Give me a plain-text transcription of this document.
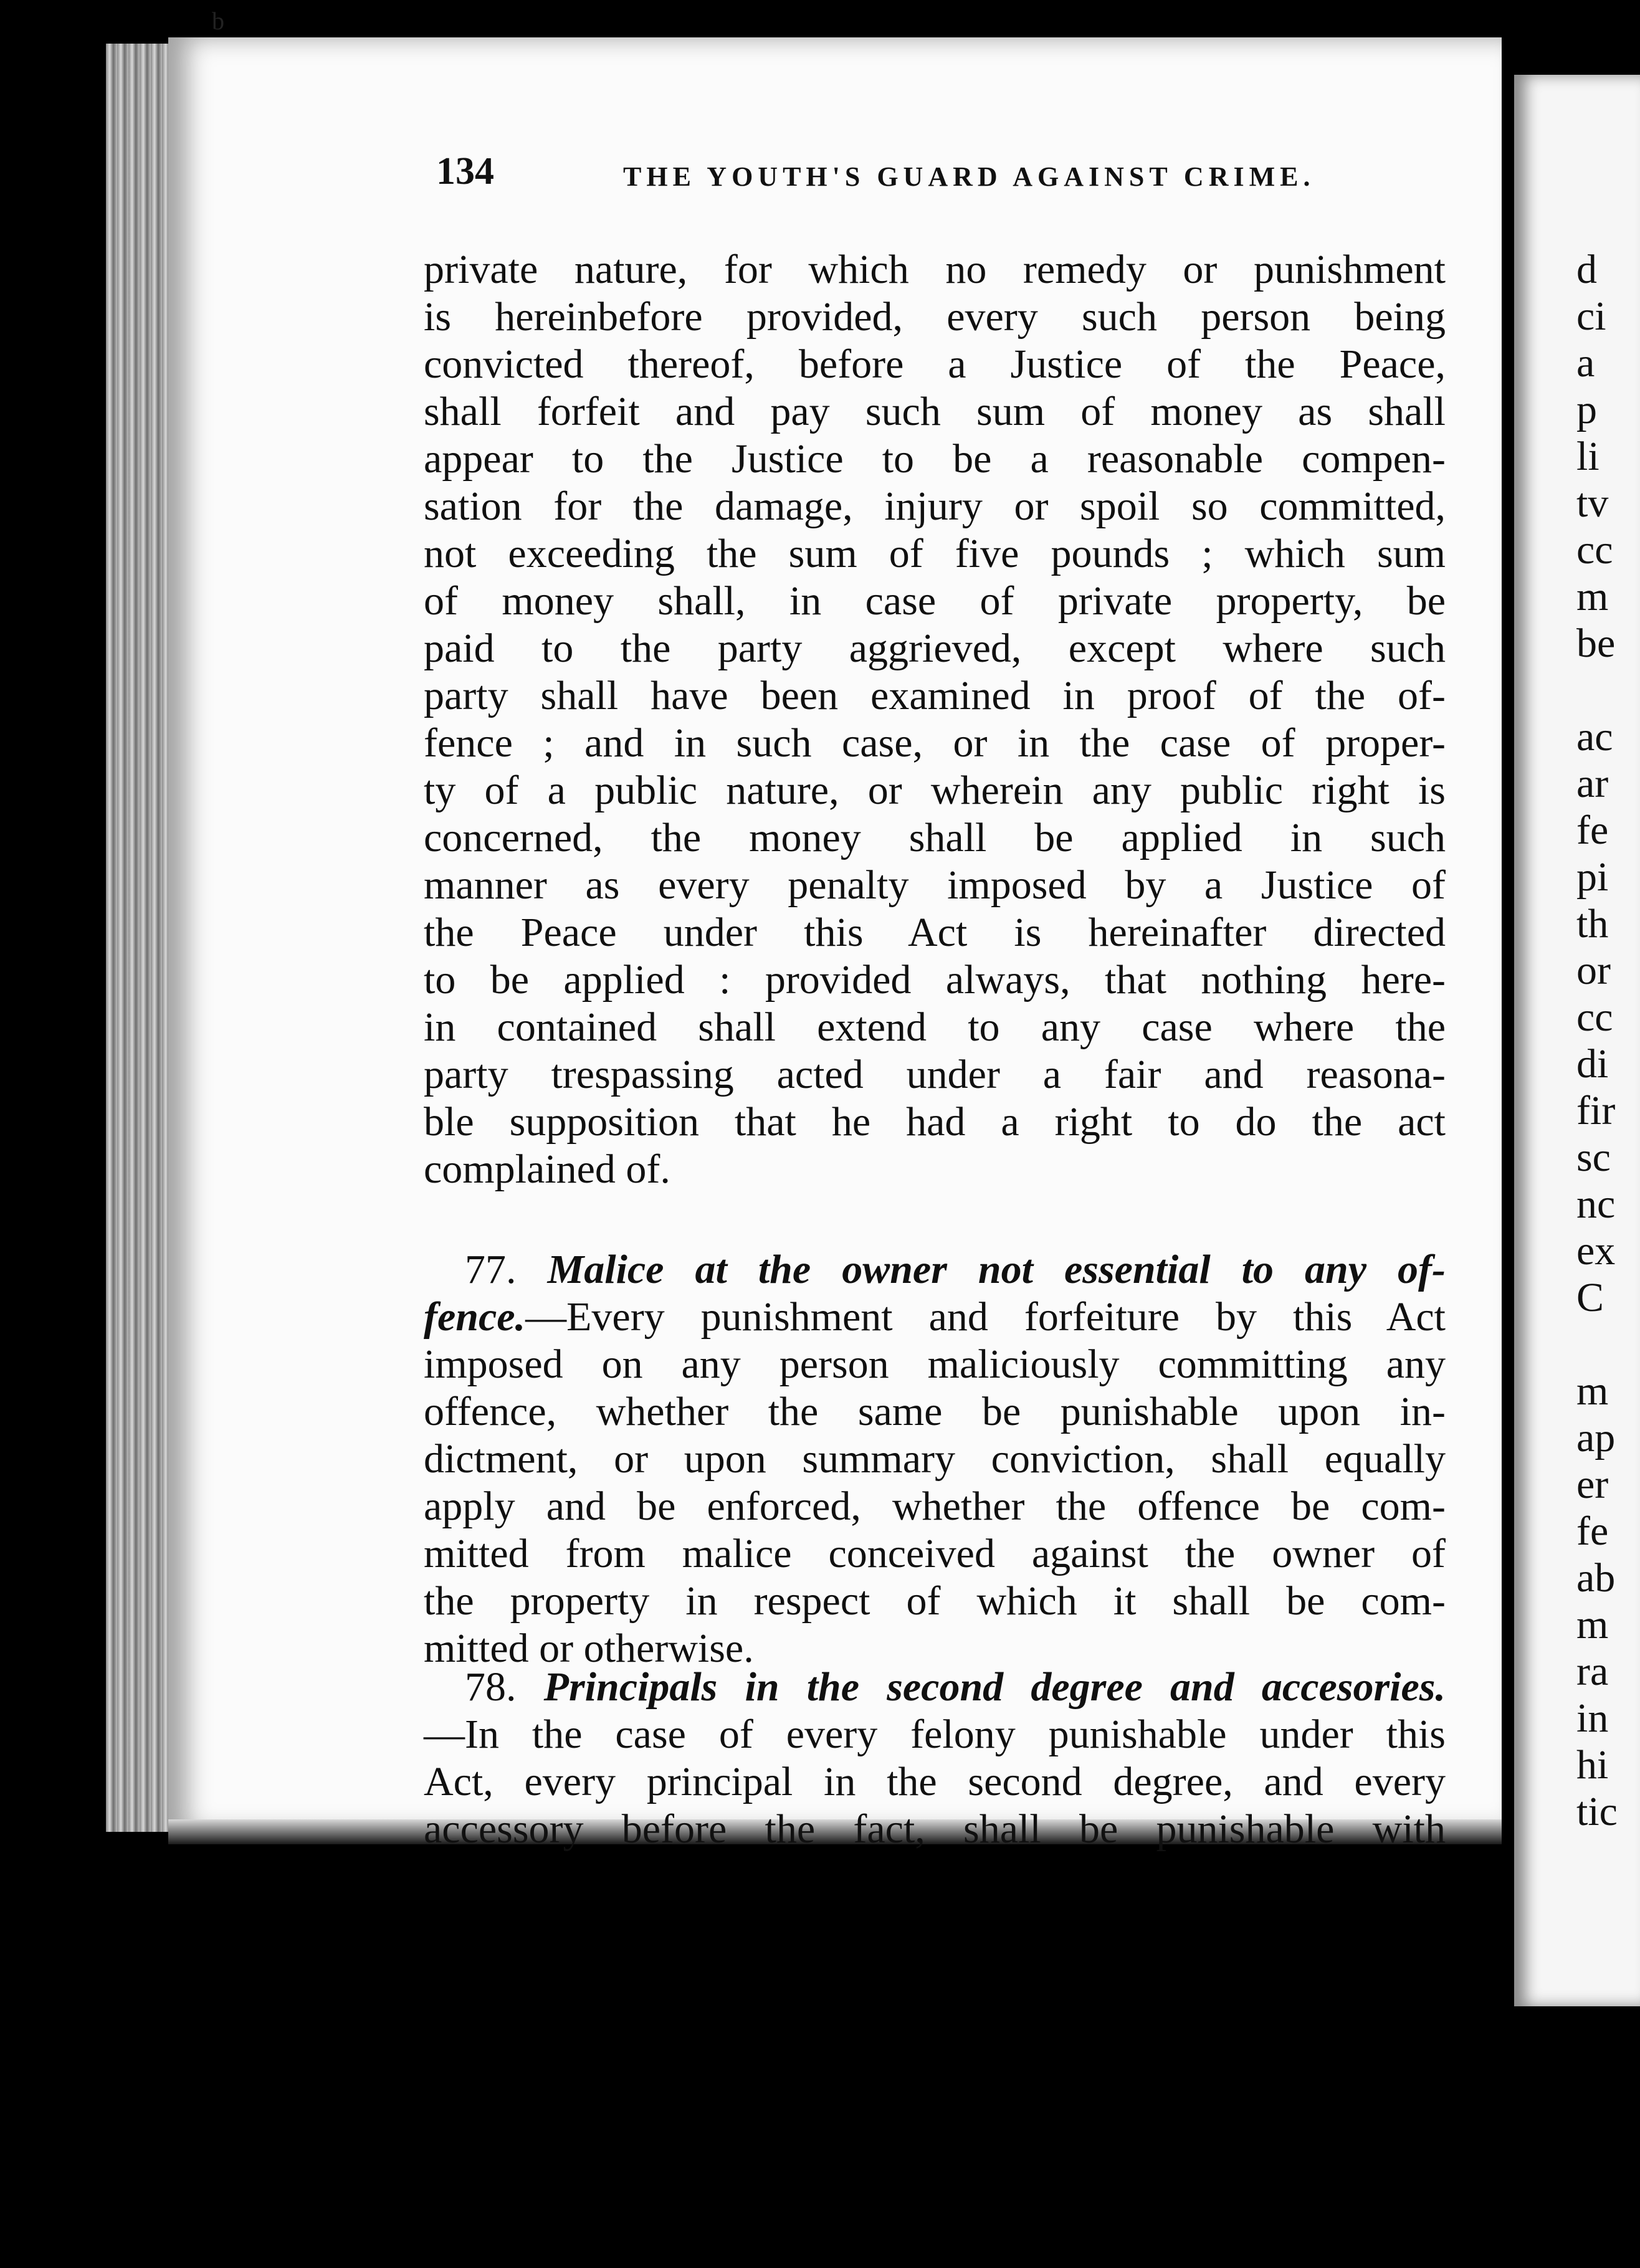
b
d
ci
a
p
li
tv
cc
m
be
ac
ar
fe
pi
th
or
cc
di
fir
sc
nc
ex
C
m
ap
er
fe
ab
m
ra
in
hi
tic
134	THE YOUTH'S GUARD AGAINST CRIME.
private nature, for which no remedy or punishment
is hereinbefore provided, every such person being
convicted thereof, before a Justice of the Peace,
shall forfeit and pay such sum of money as shall
appear to the Justice to be a reasonable compen-
sation for the damage, injury or spoil so committed,
not exceeding the sum of five pounds ; which sum
of money shall, in case of private property, be
paid to the party aggrieved, except where such
party shall have been examined in proof of the of-
fence ; and in such case, or in the case of proper-
ty of a public nature, or wherein any public right is
concerned, the money shall be applied in such
manner as every penalty imposed by a Justice of
the Peace under this Act is hereinafter directed
to be applied : provided always, that nothing here-
in contained shall extend to any case where the
party trespassing acted under a fair and reasona-
ble supposition that he had a right to do the act
complained of.
 77. Malice at the owner not essential to any of-
fence.—Every punishment and forfeiture by this Act
imposed on any person maliciously committing any
offence, whether the same be punishable upon in-
dictment, or upon summary conviction, shall equally
apply and be enforced, whether the offence be com-
mitted from malice conceived against the owner of
the property in respect of which it shall be com-
mitted or otherwise.
 78. Principals in the second degree and accesories.
—In the case of every felony punishable under this
Act, every principal in the second degree, and every
accessory before the fact, shall be punishable with
